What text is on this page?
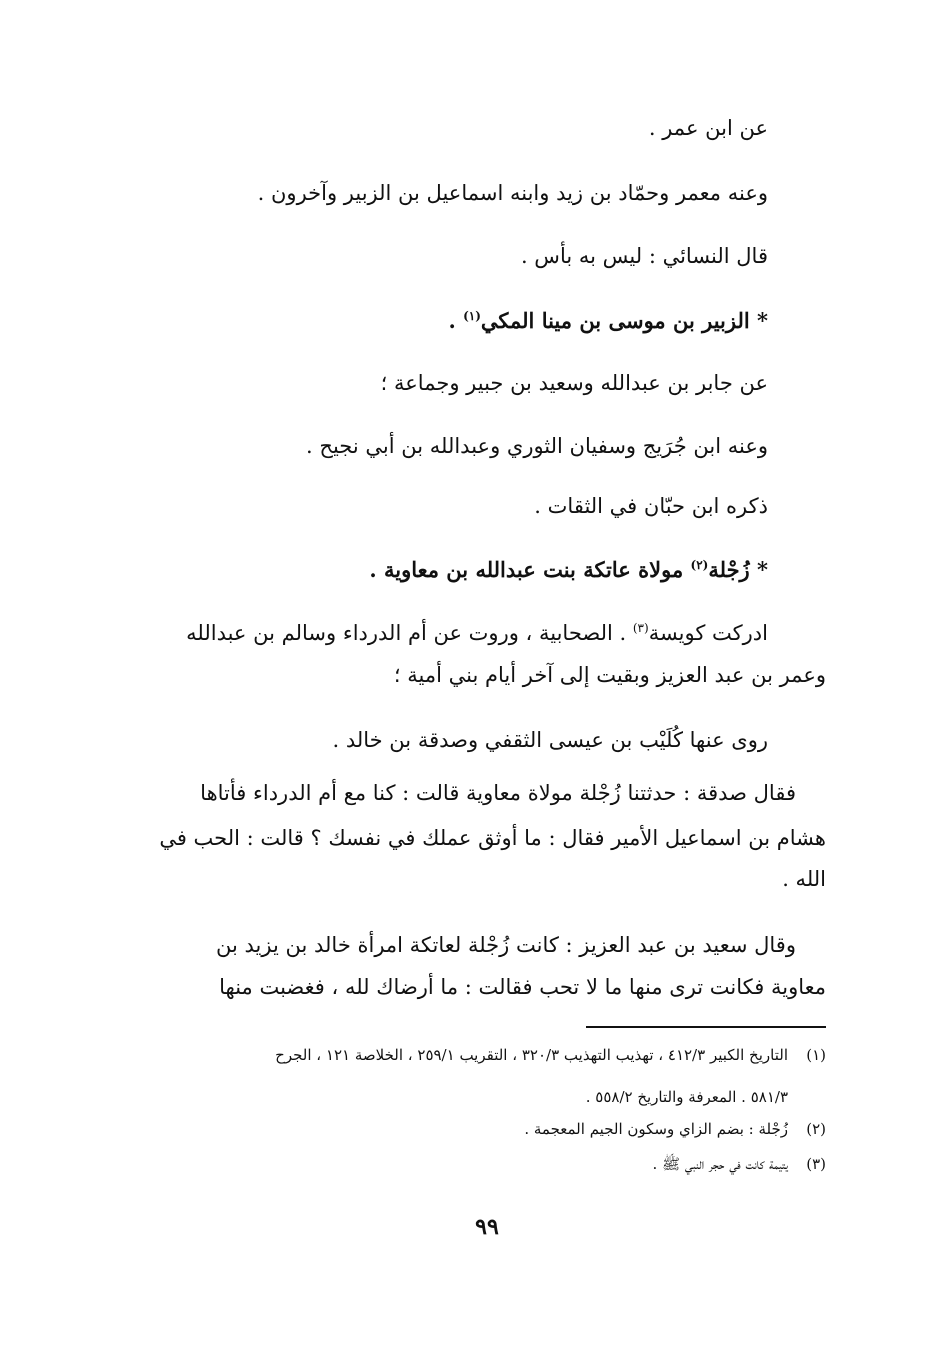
عن ابن عمر .
وعنه معمر وحمّاد بن زيد وابنه اسماعيل بن الزبير وآخرون .
قال النسائي : ليس به بأس .
* الزبير بن موسى بن مينا المكي$^{(١)}$ .
عن جابر بن عبدالله وسعيد بن جبير وجماعة ؛
وعنه ابن جُرَيج وسفيان الثوري وعبدالله بن أبي نجيح .
ذكره ابن حبّان في الثقات .
* زُجْلة$^{(٢)}$ مولاة عاتكة بنت عبدالله بن معاوية .
ادركت كويسة$^{(٣)}$ . الصحابية ، وروت عن أم الدرداء وسالم بن عبدالله
وعمر بن عبد العزيز وبقيت إلى آخر أيام بني أمية ؛
روى عنها كُلَيْب بن عيسى الثقفي وصدقة بن خالد .
فقال صدقة : حدثتنا زُجْلة مولاة معاوية قالت : كنا مع أم الدرداء فأتاها
هشام بن اسماعيل الأمير فقال : ما أوثق عملك في نفسك ؟ قالت : الحب في
الله .
وقال سعيد بن عبد العزيز : كانت زُجْلة لعاتكة امرأة خالد بن يزيد بن
معاوية فكانت ترى منها ما لا تحب فقالت : ما أرضاك لله ، فغضبت منها
(١)التاريخ الكبير ٤١٢/٣ ، تهذيب التهذيب ٣٢٠/٣ ، التقريب ٢٥٩/١ ، الخلاصة ١٢١ ، الجرح
٥٨١/٣ . المعرفة والتاريخ ٥٥٨/٢ .
(٢)زُجْلة : بضم الزاي وسكون الجيم المعجمة .
(٣)يتيمة كانت في حجر النبي ﷺ .
٩٩
